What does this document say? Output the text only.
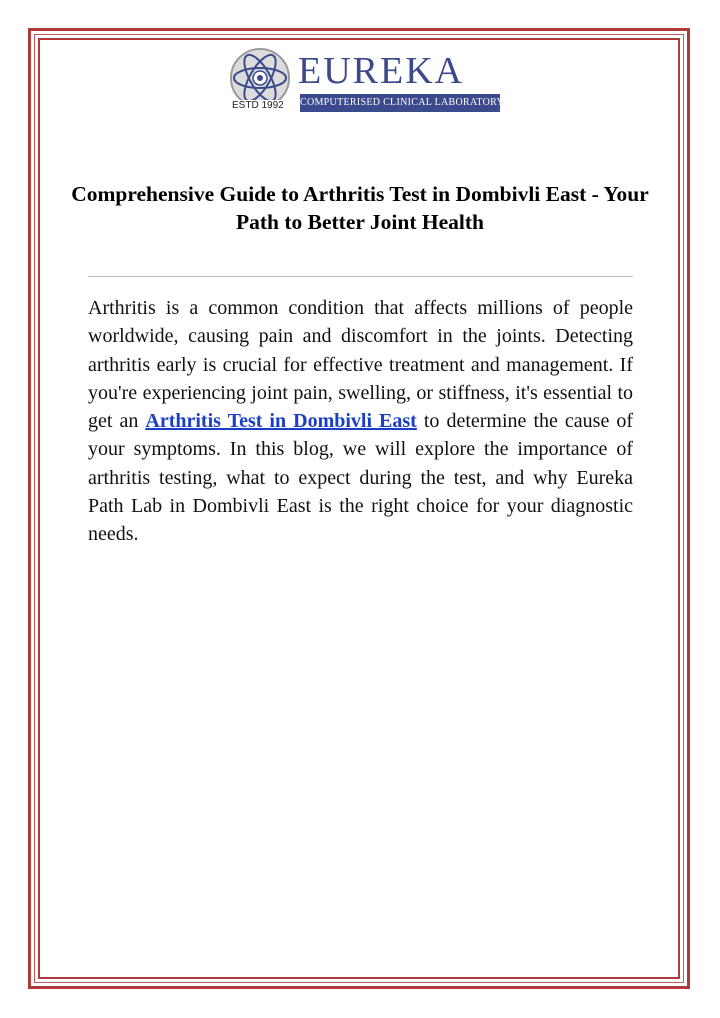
ESTD 1992
EUREKA
COMPUTERISED CLINICAL LABORATORY
Comprehensive Guide to Arthritis Test in Dombivli East - Your Path to Better Joint Health

Arthritis is a common condition that affects millions of people worldwide, causing pain and discomfort in the joints. Detecting arthritis early is crucial for effective treatment and management. If you're experiencing joint pain, swelling, or stiffness, it's essential to get an Arthritis Test in Dombivli East to determine the cause of your symptoms. In this blog, we will explore the importance of arthritis testing, what to expect during the test, and why Eureka Path Lab in Dombivli East is the right choice for your diagnostic needs.
